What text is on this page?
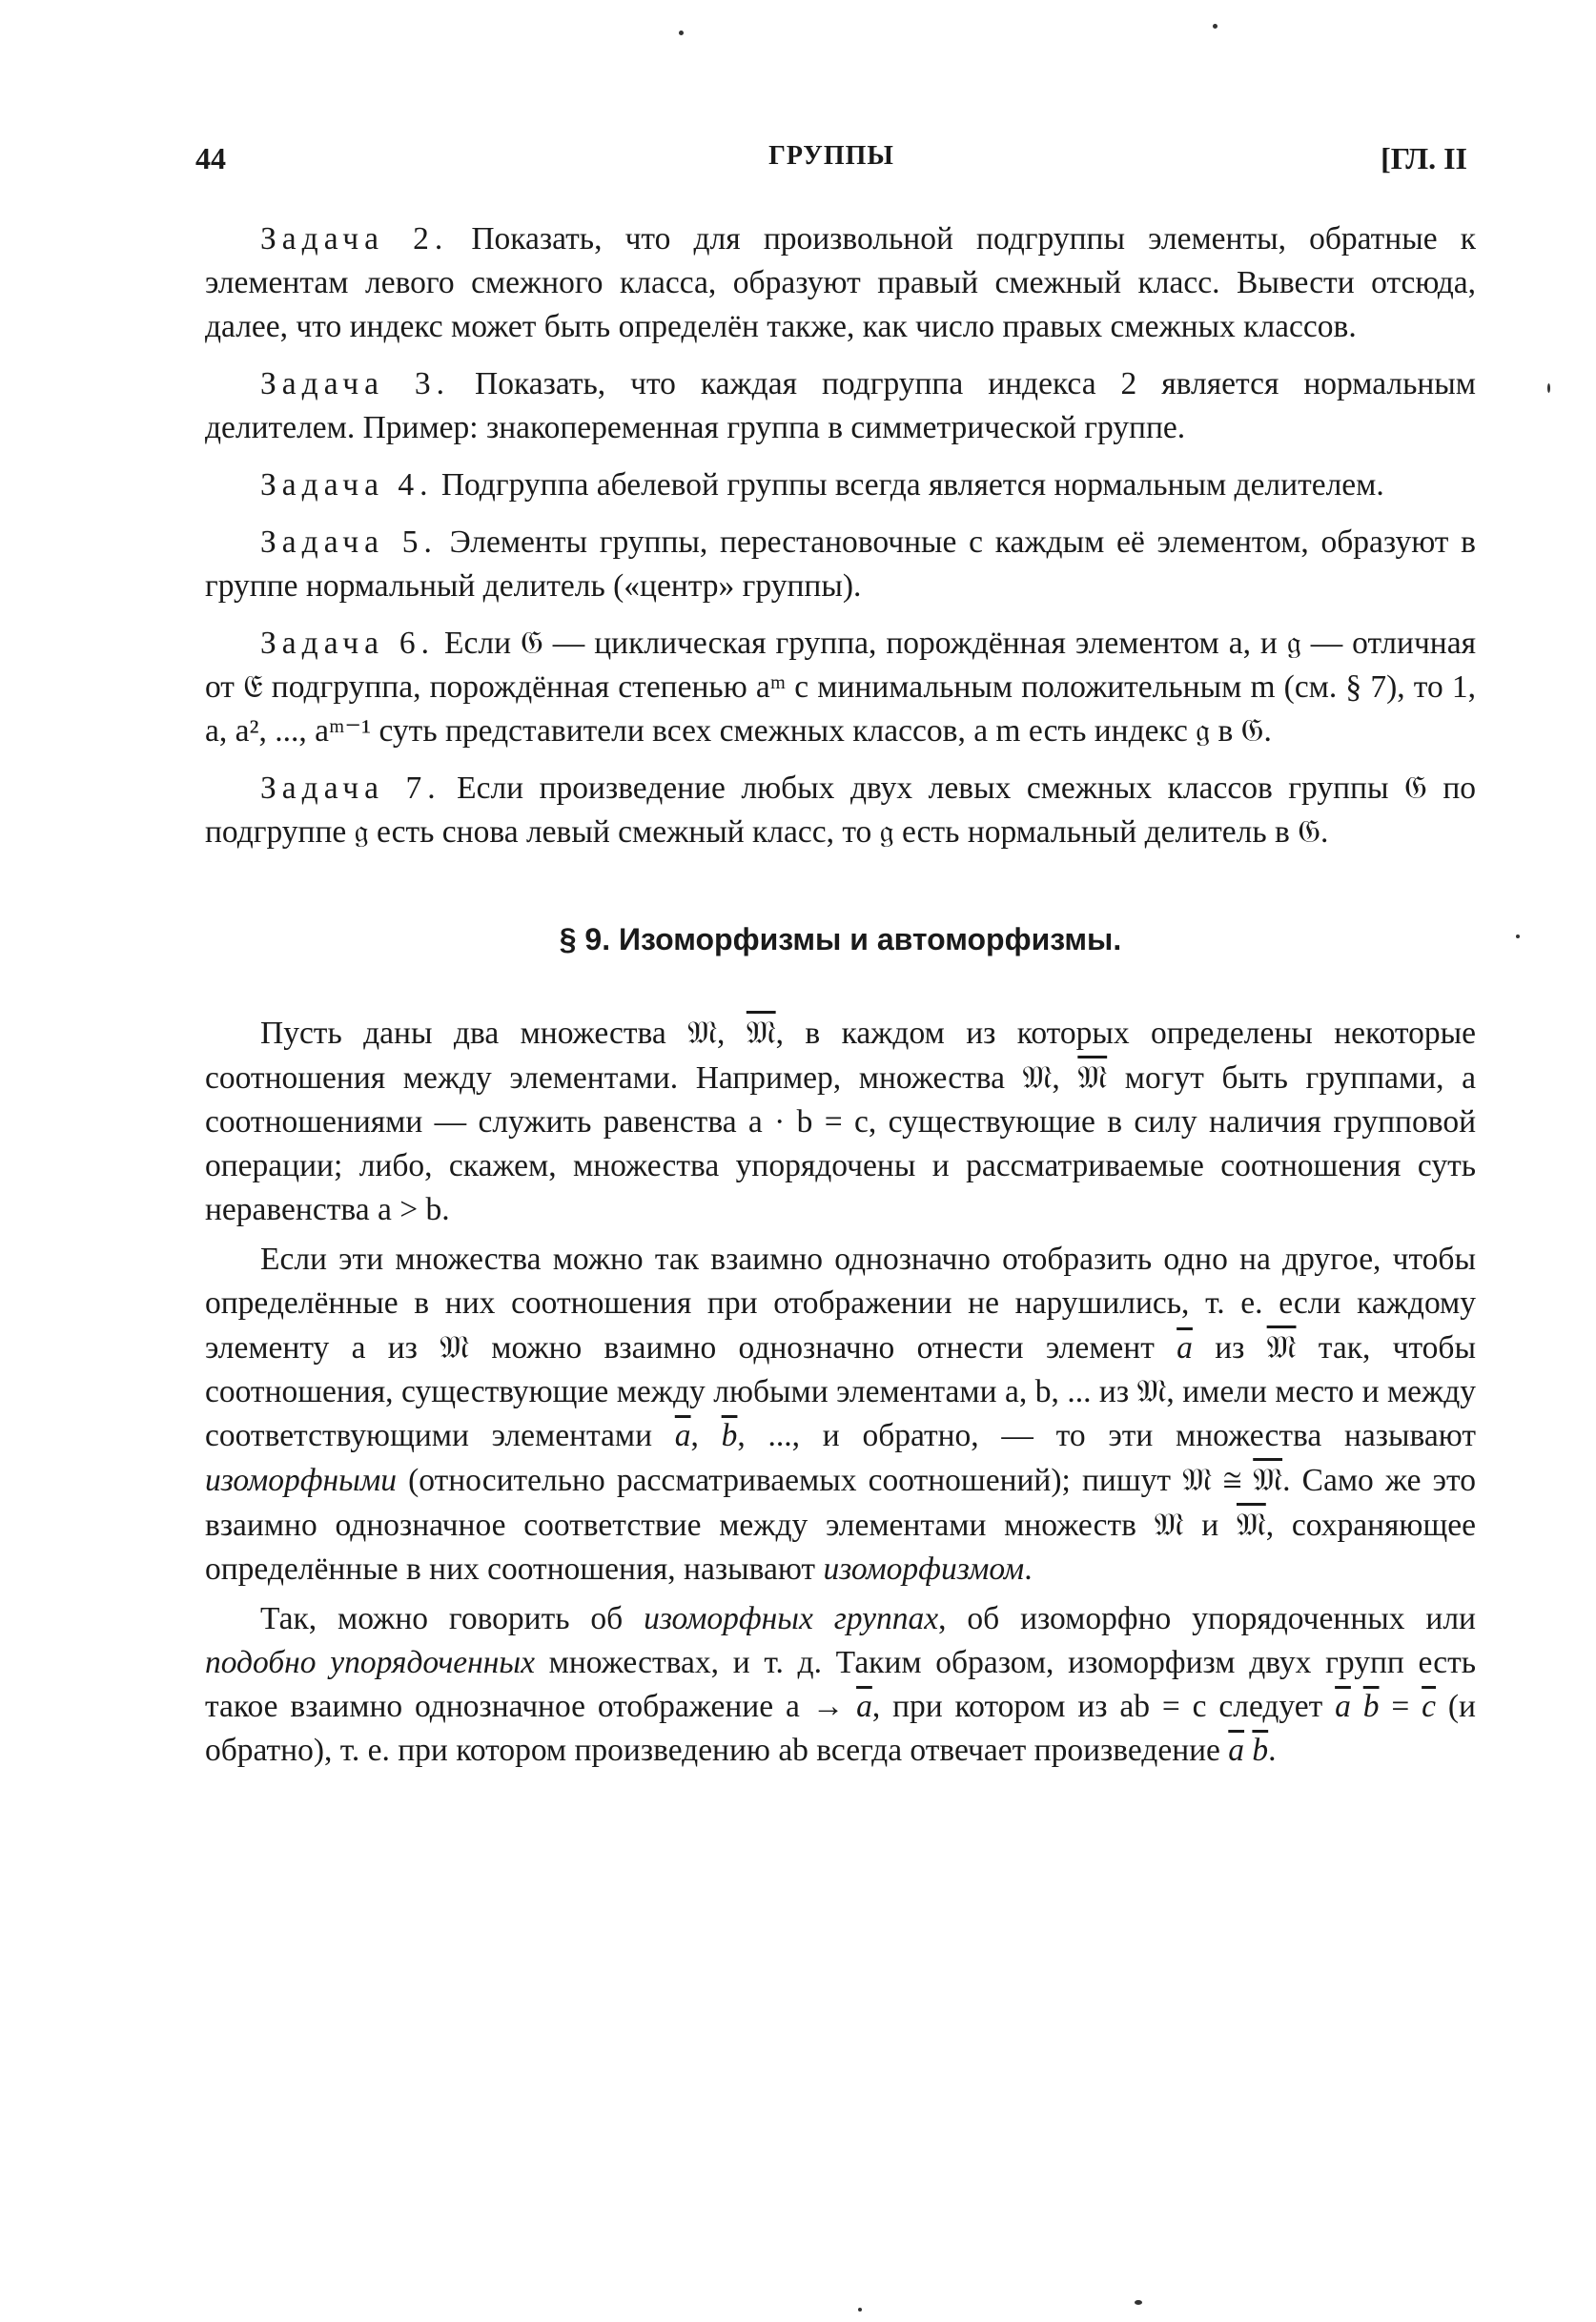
44	ГРУППЫ	[ГЛ. II

Задача 2. Показать, что для произвольной подгруппы элементы, обратные к элементам левого смежного класса, образуют правый смежный класс. Вывести отсюда, далее, что индекс может быть определён также, как число правых смежных классов.

Задача 3. Показать, что каждая подгруппа индекса 2 является нормальным делителем. Пример: знакопеременная группа в симметрической группе.

Задача 4. Подгруппа абелевой группы всегда является нормальным делителем.

Задача 5. Элементы группы, перестановочные с каждым её элементом, образуют в группе нормальный делитель («центр» группы).

Задача 6. Если 𝔊 — циклическая группа, порождённая элементом a, и 𝔤 — отличная от 𝔈 подгруппа, порождённая степенью aᵐ с минимальным положительным m (см. § 7), то 1, a, a², ..., aᵐ⁻¹ суть представители всех смежных классов, а m есть индекс 𝔤 в 𝔊.

Задача 7. Если произведение любых двух левых смежных классов группы 𝔊 по подгруппе 𝔤 есть снова левый смежный класс, то 𝔤 есть нормальный делитель в 𝔊.

§ 9. Изоморфизмы и автоморфизмы.

Пусть даны два множества 𝔐, 𝔐, в каждом из которых определены некоторые соотношения между элементами. Например, множества 𝔐, 𝔐 могут быть группами, а соотношениями — служить равенства a · b = c, существующие в силу наличия групповой операции; либо, скажем, множества упорядочены и рассматриваемые соотношения суть неравенства a > b.

Если эти множества можно так взаимно однозначно отобразить одно на другое, чтобы определённые в них соотношения при отображении не нарушились, т. е. если каждому элементу a из 𝔐 можно взаимно однозначно отнести элемент $\overline{a}$ из 𝔐 так, чтобы соотношения, существующие между любыми элементами a, b, ... из 𝔐, имели место и между соответствующими элементами $\overline{a}$, $\overline{b}$, ..., и обратно, — то эти множества называют изоморфными (относительно рассматриваемых соотношений); пишут 𝔐 ≅ 𝔐. Само же это взаимно однозначное соответствие между элементами множеств 𝔐 и 𝔐, сохраняющее определённые в них соотношения, называют изоморфизмом.

Так, можно говорить об изоморфных группах, об изоморфно упорядоченных или подобно упорядоченных множествах, и т. д. Таким образом, изоморфизм двух групп есть такое взаимно однозначное отображение $a \to \overline{a}$, при котором из ab = c следует $\overline{a}$ $\overline{b} = \overline{c}$ (и обратно), т. е. при котором произведению ab всегда отвечает произведение $\overline{a}$ $\overline{b}$.
